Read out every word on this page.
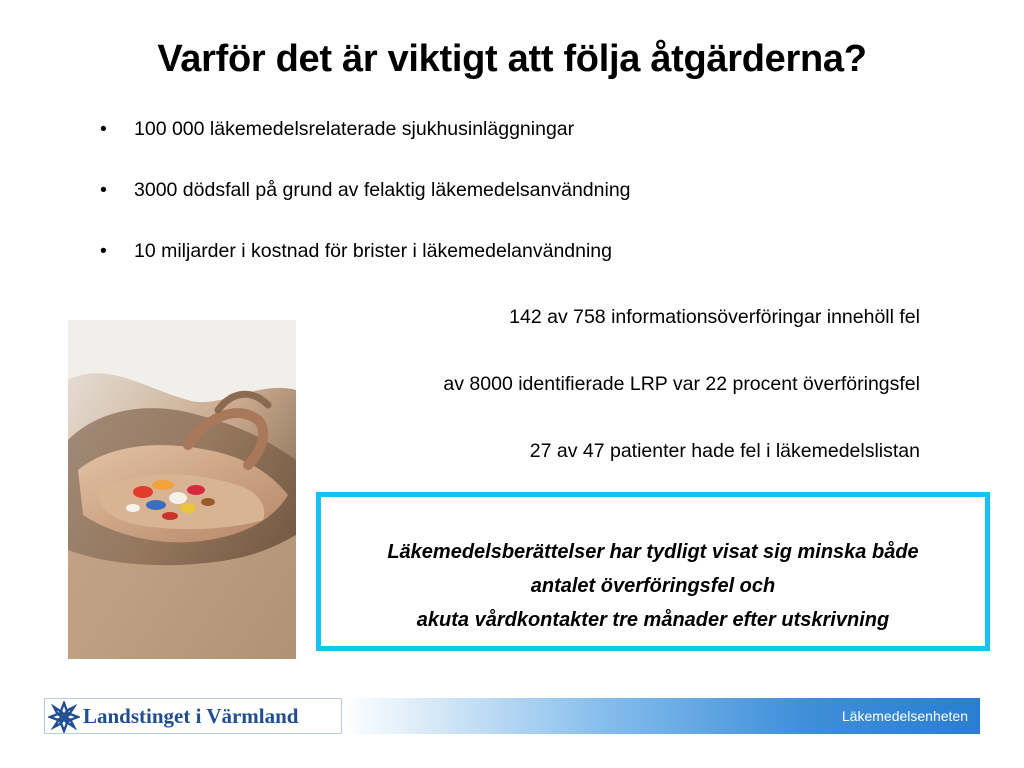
Varför det är viktigt att följa åtgärderna?
• 100 000 läkemedelsrelaterade sjukhusinläggningar
• 3000 dödsfall på grund av felaktig läkemedelsanvändning
• 10 miljarder i kostnad för brister i läkemedelanvändning
142 av 758 informationsöverföringar innehöll fel
av 8000 identifierade LRP var 22 procent överföringsfel
27 av 47 patienter hade fel i läkemedelslistan
Läkemedelsberättelser har tydligt visat sig minska både
antalet överföringsfel och
akuta vårdkontakter tre månader efter utskrivning
Landstinget i Värmland	Läkemedelsenheten
